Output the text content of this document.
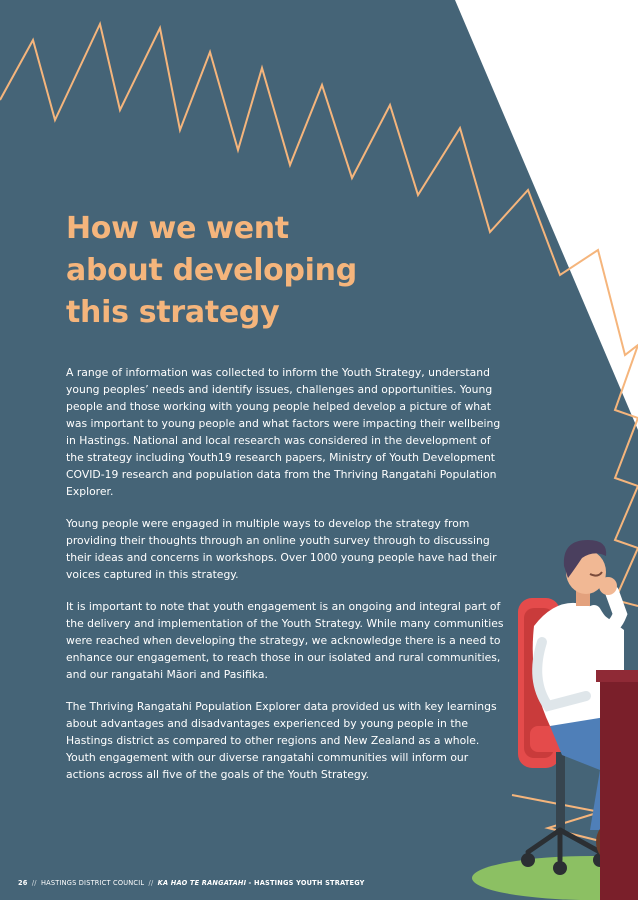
How we went
about developing
this strategy

A range of information was collected to inform the Youth Strategy, understand young peoples’ needs and identify issues, challenges and opportunities. Young people and those working with young people helped develop a picture of what was important to young people and what factors were impacting their wellbeing in Hastings. National and local research was considered in the development of the strategy including Youth19 research papers, Ministry of Youth Development COVID-19 research and population data from the Thriving Rangatahi Population Explorer.

Young people were engaged in multiple ways to develop the strategy from providing their thoughts through an online youth survey through to discussing their ideas and concerns in workshops. Over 1000 young people have had their voices captured in this strategy.

It is important to note that youth engagement is an ongoing and integral part of the delivery and implementation of the Youth Strategy. While many communities were reached when developing the strategy, we acknowledge there is a need to enhance our engagement, to reach those in our isolated and rural communities, and our rangatahi Māori and Pasifika.

The Thriving Rangatahi Population Explorer data provided us with key learnings about advantages and disadvantages experienced by young people in the Hastings district as compared to other regions and New Zealand as a whole. Youth engagement with our diverse rangatahi communities will inform our actions across all five of the goals of the Youth Strategy.

26 // HASTINGS DISTRICT COUNCIL // KA HAO TE RANGATAHI - HASTINGS YOUTH STRATEGY
